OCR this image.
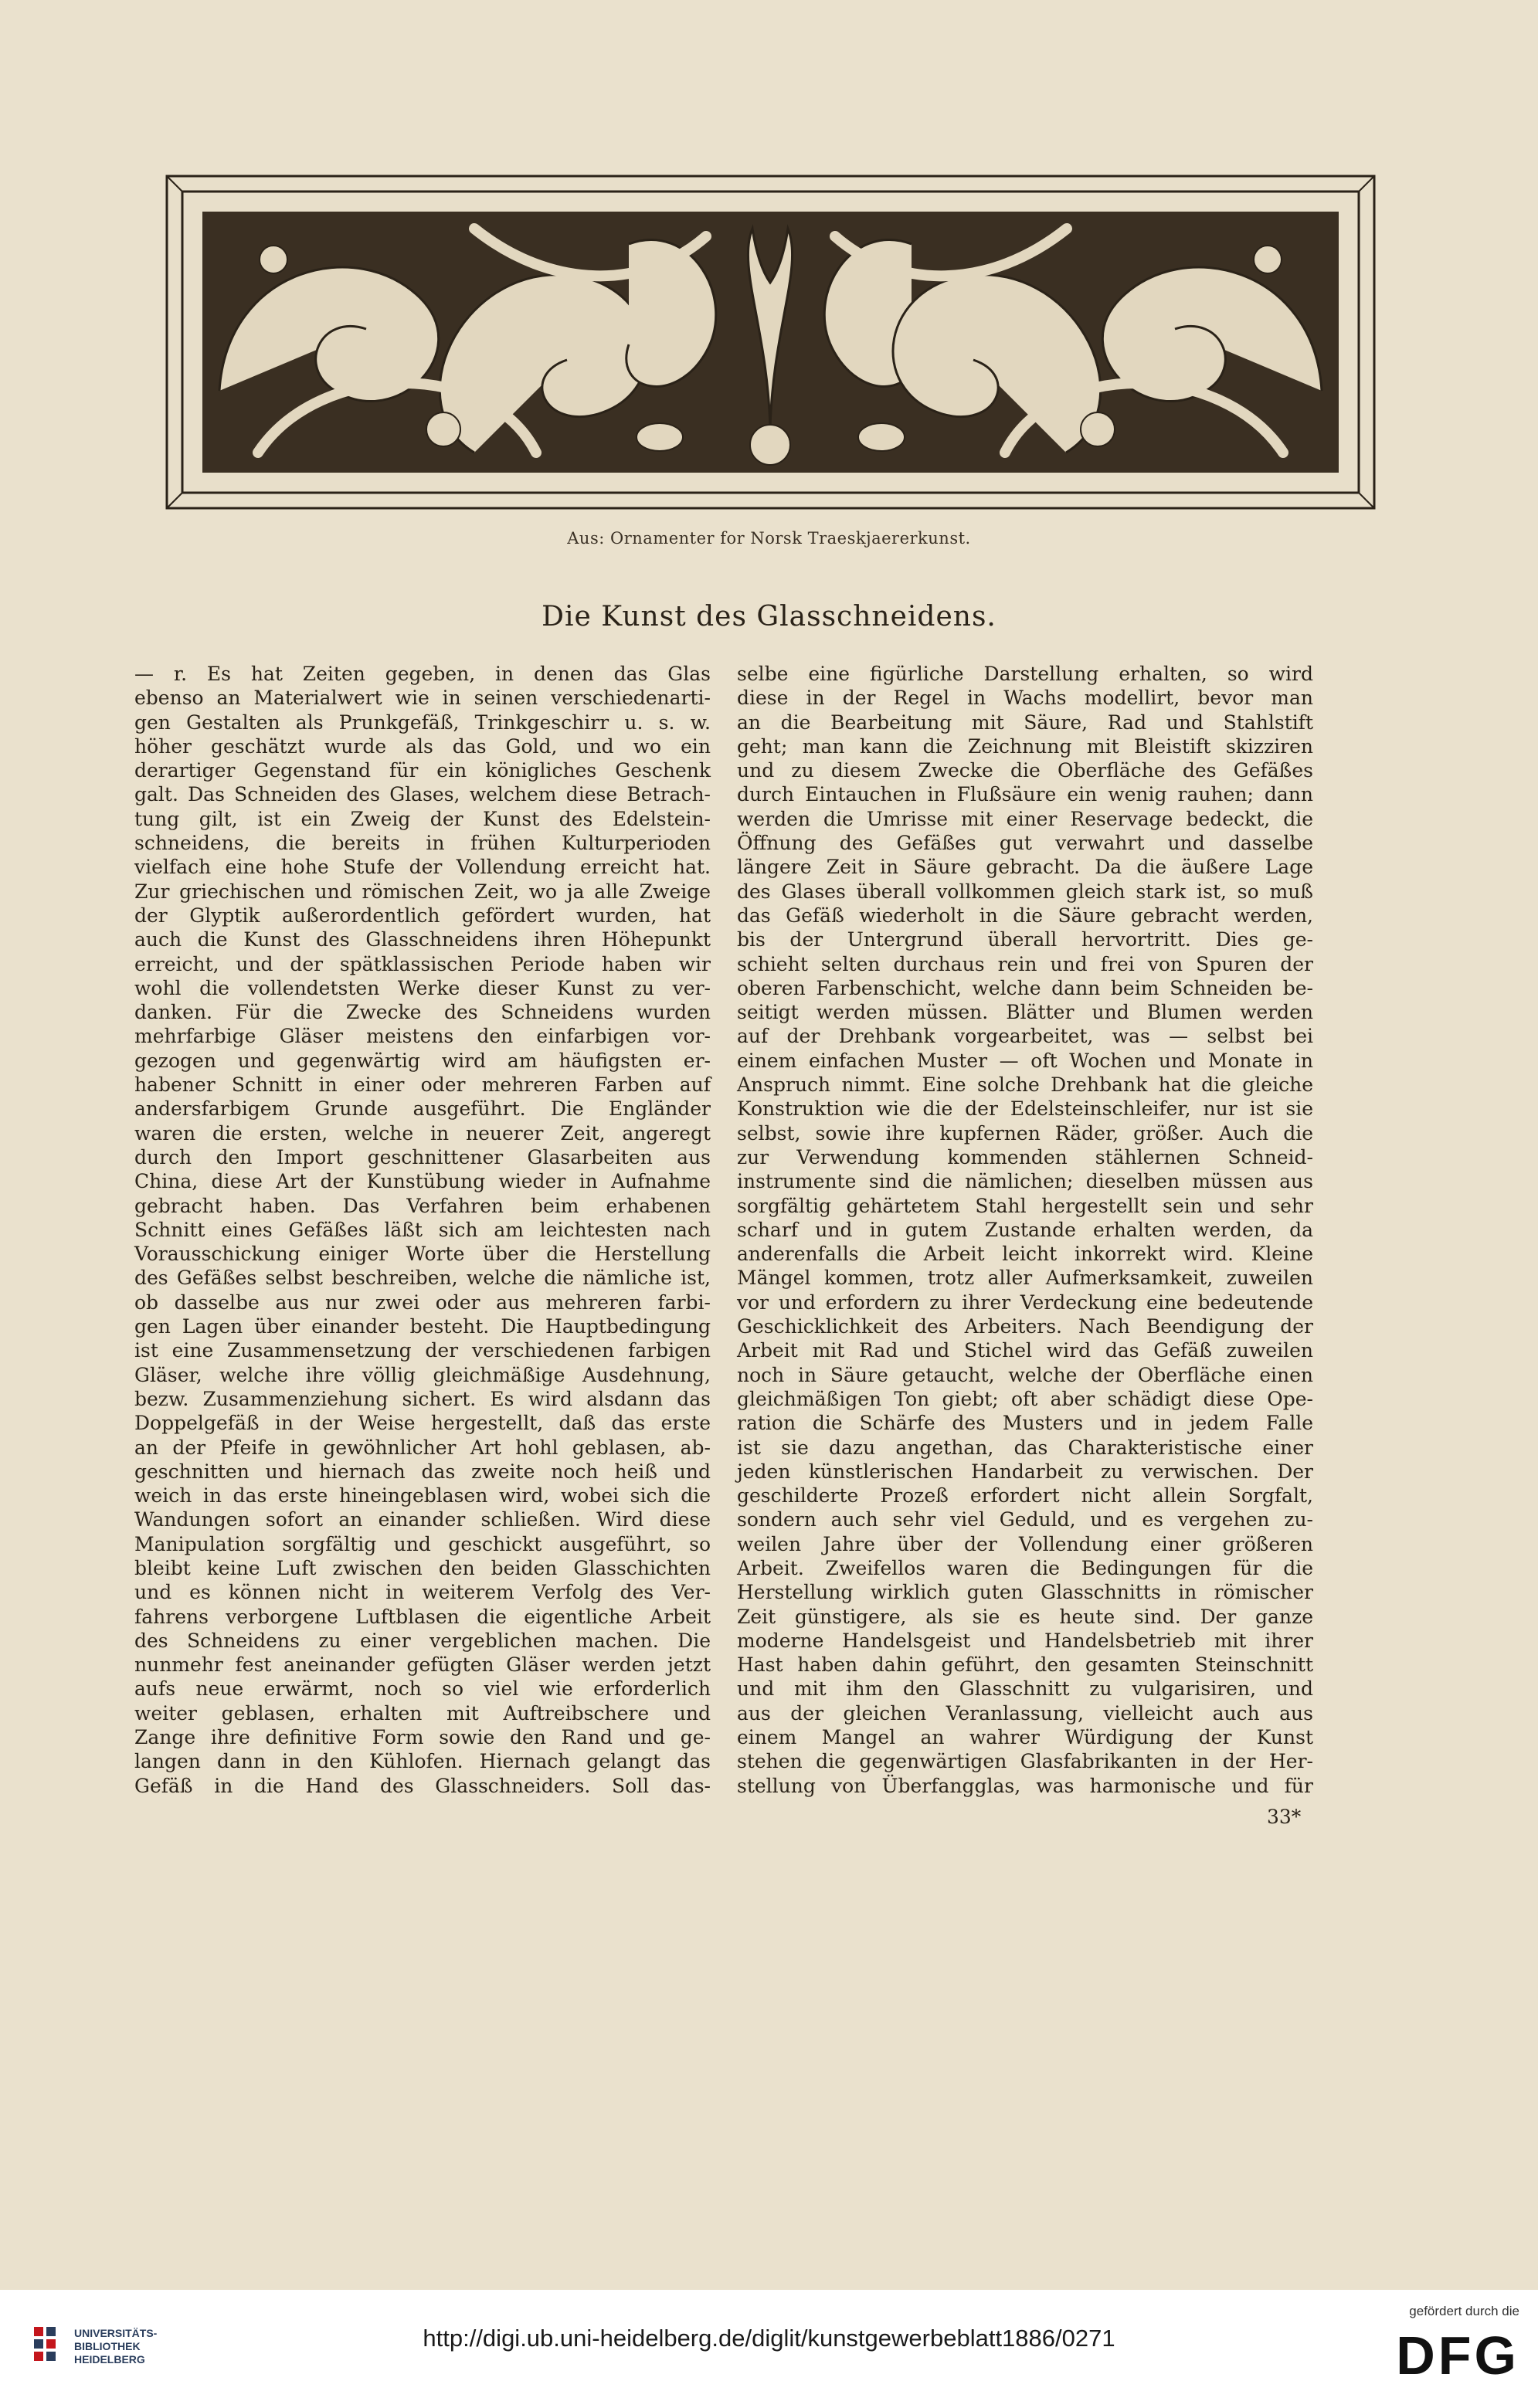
Aus: Ornamenter for Norsk Traeskjaererkunst.
Die Kunst des Glasschneidens.
— r. Es hat Zeiten gegeben, in denen das Glas
ebenso an Materialwert wie in seinen verschiedenarti-
gen Gestalten als Prunkgefäß, Trinkgeschirr u. s. w.
höher geschätzt wurde als das Gold, und wo ein
derartiger Gegenstand für ein königliches Geschenk
galt. Das Schneiden des Glases, welchem diese Betrach-
tung gilt, ist ein Zweig der Kunst des Edelstein-
schneidens, die bereits in frühen Kulturperioden
vielfach eine hohe Stufe der Vollendung erreicht hat.
Zur griechischen und römischen Zeit, wo ja alle Zweige
der Glyptik außerordentlich gefördert wurden, hat
auch die Kunst des Glasschneidens ihren Höhepunkt
erreicht, und der spätklassischen Periode haben wir
wohl die vollendetsten Werke dieser Kunst zu ver-
danken. Für die Zwecke des Schneidens wurden
mehrfarbige Gläser meistens den einfarbigen vor-
gezogen und gegenwärtig wird am häufigsten er-
habener Schnitt in einer oder mehreren Farben auf
andersfarbigem Grunde ausgeführt. Die Engländer
waren die ersten, welche in neuerer Zeit, angeregt
durch den Import geschnittener Glasarbeiten aus
China, diese Art der Kunstübung wieder in Aufnahme
gebracht haben. Das Verfahren beim erhabenen
Schnitt eines Gefäßes läßt sich am leichtesten nach
Vorausschickung einiger Worte über die Herstellung
des Gefäßes selbst beschreiben, welche die nämliche ist,
ob dasselbe aus nur zwei oder aus mehreren farbi-
gen Lagen über einander besteht. Die Hauptbedingung
ist eine Zusammensetzung der verschiedenen farbigen
Gläser, welche ihre völlig gleichmäßige Ausdehnung,
bezw. Zusammenziehung sichert. Es wird alsdann das
Doppelgefäß in der Weise hergestellt, daß das erste
an der Pfeife in gewöhnlicher Art hohl geblasen, ab-
geschnitten und hiernach das zweite noch heiß und
weich in das erste hineingeblasen wird, wobei sich die
Wandungen sofort an einander schließen. Wird diese
Manipulation sorgfältig und geschickt ausgeführt, so
bleibt keine Luft zwischen den beiden Glasschichten
und es können nicht in weiterem Verfolg des Ver-
fahrens verborgene Luftblasen die eigentliche Arbeit
des Schneidens zu einer vergeblichen machen. Die
nunmehr fest aneinander gefügten Gläser werden jetzt
aufs neue erwärmt, noch so viel wie erforderlich
weiter geblasen, erhalten mit Auftreibschere und
Zange ihre definitive Form sowie den Rand und ge-
langen dann in den Kühlofen. Hiernach gelangt das
Gefäß in die Hand des Glasschneiders. Soll das-
selbe eine figürliche Darstellung erhalten, so wird
diese in der Regel in Wachs modellirt, bevor man
an die Bearbeitung mit Säure, Rad und Stahlstift
geht; man kann die Zeichnung mit Bleistift skizziren
und zu diesem Zwecke die Oberfläche des Gefäßes
durch Eintauchen in Flußsäure ein wenig rauhen; dann
werden die Umrisse mit einer Reservage bedeckt, die
Öffnung des Gefäßes gut verwahrt und dasselbe
längere Zeit in Säure gebracht. Da die äußere Lage
des Glases überall vollkommen gleich stark ist, so muß
das Gefäß wiederholt in die Säure gebracht werden,
bis der Untergrund überall hervortritt. Dies ge-
schieht selten durchaus rein und frei von Spuren der
oberen Farbenschicht, welche dann beim Schneiden be-
seitigt werden müssen. Blätter und Blumen werden
auf der Drehbank vorgearbeitet, was — selbst bei
einem einfachen Muster — oft Wochen und Monate in
Anspruch nimmt. Eine solche Drehbank hat die gleiche
Konstruktion wie die der Edelsteinschleifer, nur ist sie
selbst, sowie ihre kupfernen Räder, größer. Auch die
zur Verwendung kommenden stählernen Schneid-
instrumente sind die nämlichen; dieselben müssen aus
sorgfältig gehärtetem Stahl hergestellt sein und sehr
scharf und in gutem Zustande erhalten werden, da
anderenfalls die Arbeit leicht inkorrekt wird. Kleine
Mängel kommen, trotz aller Aufmerksamkeit, zuweilen
vor und erfordern zu ihrer Verdeckung eine bedeutende
Geschicklichkeit des Arbeiters. Nach Beendigung der
Arbeit mit Rad und Stichel wird das Gefäß zuweilen
noch in Säure getaucht, welche der Oberfläche einen
gleichmäßigen Ton giebt; oft aber schädigt diese Ope-
ration die Schärfe des Musters und in jedem Falle
ist sie dazu angethan, das Charakteristische einer
jeden künstlerischen Handarbeit zu verwischen. Der
geschilderte Prozeß erfordert nicht allein Sorgfalt,
sondern auch sehr viel Geduld, und es vergehen zu-
weilen Jahre über der Vollendung einer größeren
Arbeit. Zweifellos waren die Bedingungen für die
Herstellung wirklich guten Glasschnitts in römischer
Zeit günstigere, als sie es heute sind. Der ganze
moderne Handelsgeist und Handelsbetrieb mit ihrer
Hast haben dahin geführt, den gesamten Steinschnitt
und mit ihm den Glasschnitt zu vulgarisiren, und
aus der gleichen Veranlassung, vielleicht auch aus
einem Mangel an wahrer Würdigung der Kunst
stehen die gegenwärtigen Glasfabrikanten in der Her-
stellung von Überfangglas, was harmonische und für
33*
UNIVERSITÄTS-
BIBLIOTHEK
HEIDELBERG
http://digi.ub.uni-heidelberg.de/diglit/kunstgewerbeblatt1886/0271
gefördert durch die
DFG
